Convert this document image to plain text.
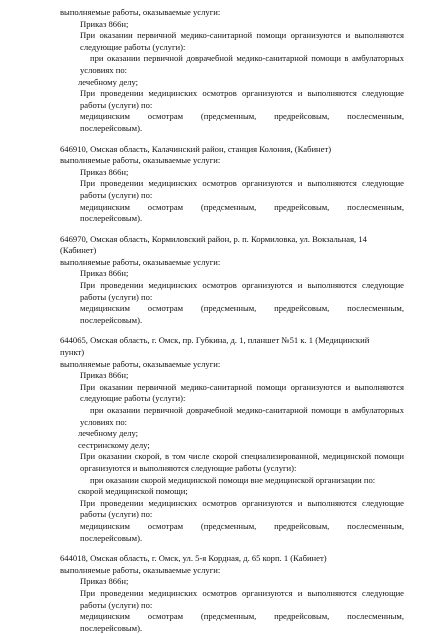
выполняемые работы, оказываемые услуги:
Приказ 866н;
При оказании первичной медико-санитарной помощи организуются и выполняются
следующие работы (услуги):
при оказании первичной доврачебной медико-санитарной помощи в амбулаторных
условиях по:
лечебному делу;
При проведении медицинских осмотров организуются и выполняются следующие
работы (услуги) по:
медицинским осмотрам (предсменным, предрейсовым, послесменным,
послерейсовым).
646910, Омская область, Калачинский район, станция Колония, (Кабинет)
выполняемые работы, оказываемые услуги:
Приказ 866н;
При проведении медицинских осмотров организуются и выполняются следующие
работы (услуги) по:
медицинским осмотрам (предсменным, предрейсовым, послесменным,
послерейсовым).
646970, Омская область, Кормиловский район, р. п. Кормиловка, ул. Вокзальная, 14
(Кабинет)
выполняемые работы, оказываемые услуги:
Приказ 866н;
При проведении медицинских осмотров организуются и выполняются следующие
работы (услуги) по:
медицинским осмотрам (предсменным, предрейсовым, послесменным,
послерейсовым).
644065, Омская область, г. Омск, пр. Губкина, д. 1, планшет №51 к. 1 (Медицинский
пункт)
выполняемые работы, оказываемые услуги:
Приказ 866н;
При оказании первичной медико-санитарной помощи организуются и выполняются
следующие работы (услуги):
при оказании первичной доврачебной медико-санитарной помощи в амбулаторных
условиях по:
лечебному делу;
сестринскому делу;
При оказании скорой, в том числе скорой специализированной, медицинской помощи
организуются и выполняются следующие работы (услуги):
при оказании скорой медицинской помощи вне медицинской организации по:
скорой медицинской помощи;
При проведении медицинских осмотров организуются и выполняются следующие
работы (услуги) по:
медицинским осмотрам (предсменным, предрейсовым, послесменным,
послерейсовым).
644018, Омская область, г. Омск, ул. 5-я Кордная, д. 65 корп. 1 (Кабинет)
выполняемые работы, оказываемые услуги:
Приказ 866н;
При проведении медицинских осмотров организуются и выполняются следующие
работы (услуги) по:
медицинским осмотрам (предсменным, предрейсовым, послесменным,
послерейсовым).
